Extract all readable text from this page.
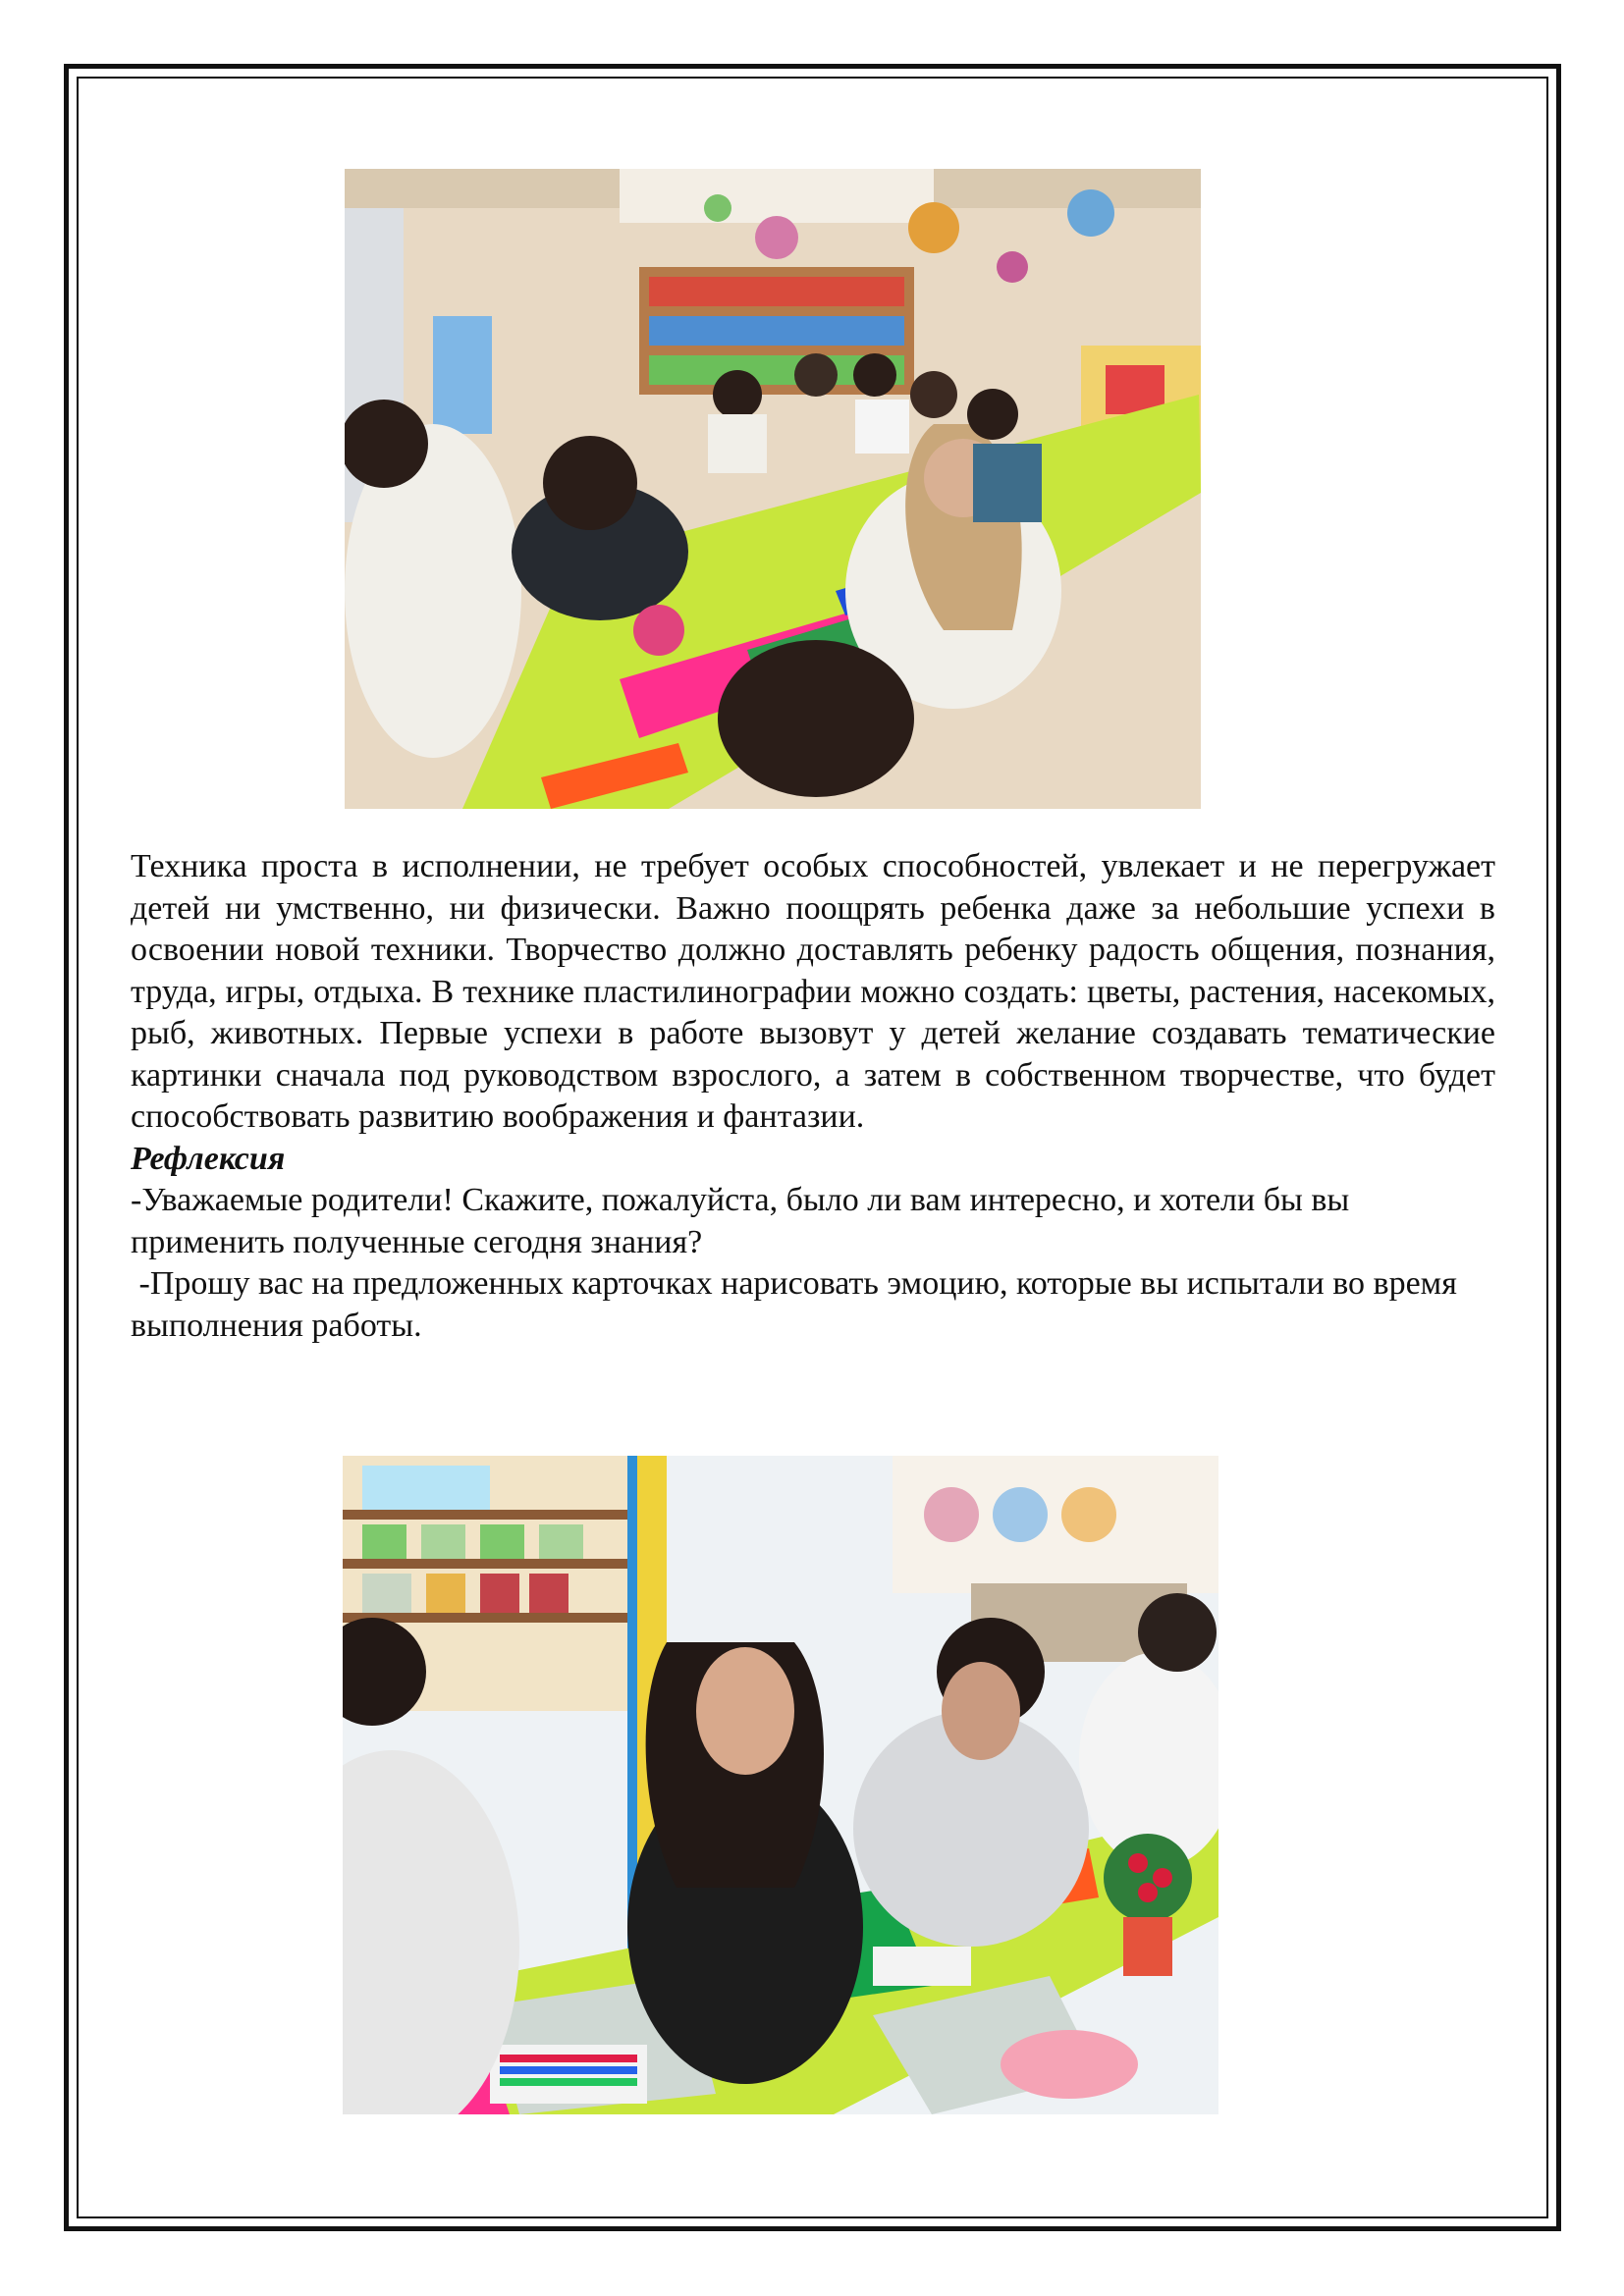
Техника проста в исполнении, не требует особых способностей, увлекает и не перегружает детей ни умственно, ни физически. Важно поощрять ребенка даже за небольшие успехи в освоении новой техники. Творчество должно доставлять ребенку радость общения, познания, труда, игры, отдыха. В технике пластилинографии можно создать: цветы, растения, насекомых, рыб, животных. Первые успехи в работе вызовут у детей желание создавать тематические картинки сначала под руководством взрослого, а затем в собственном творчестве, что будет способствовать развитию воображения и фантазии.

Рефлексия

-Уважаемые родители! Скажите, пожалуйста, было ли вам интересно, и хотели бы вы применить полученные сегодня знания?

-Прошу вас на предложенных карточках нарисовать эмоцию, которые вы испытали во время выполнения работы.
